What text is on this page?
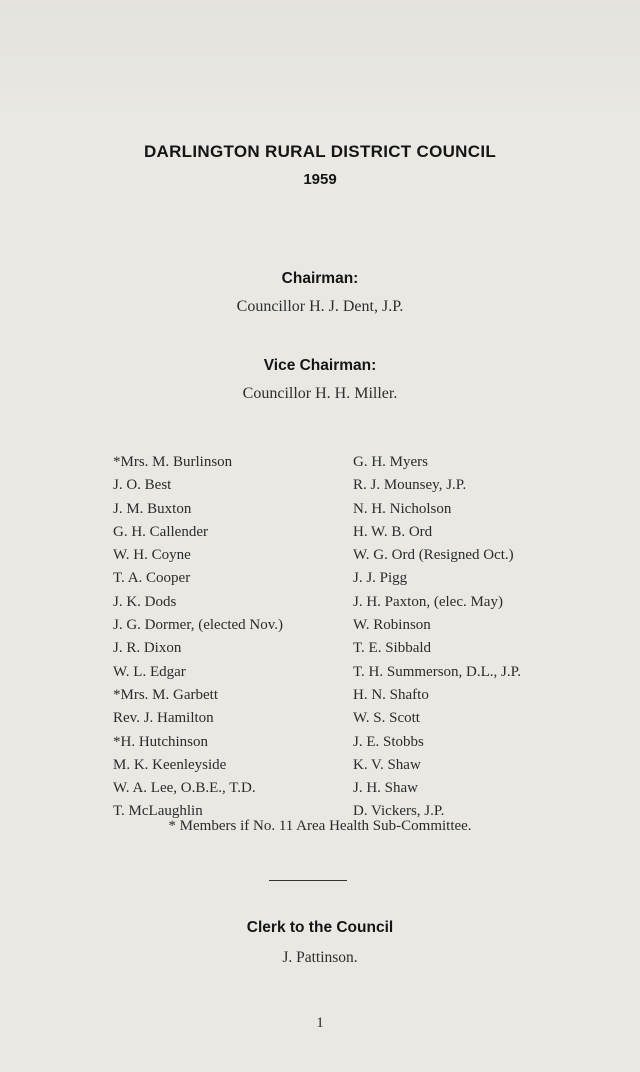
DARLINGTON RURAL DISTRICT COUNCIL
1959
Chairman:
Councillor H. J. Dent, J.P.
Vice Chairman:
Councillor H. H. Miller.
*Mrs. M. Burlinson
J. O. Best
J. M. Buxton
G. H. Callender
W. H. Coyne
T. A. Cooper
J. K. Dods
J. G. Dormer, (elected Nov.)
J. R. Dixon
W. L. Edgar
*Mrs. M. Garbett
Rev. J. Hamilton
*H. Hutchinson
M. K. Keenleyside
W. A. Lee, O.B.E., T.D.
T. McLaughlin
G. H. Myers
R. J. Mounsey, J.P.
N. H. Nicholson
H. W. B. Ord
W. G. Ord (Resigned Oct.)
J. J. Pigg
J. H. Paxton, (elec. May)
W. Robinson
T. E. Sibbald
T. H. Summerson, D.L., J.P.
H. N. Shafto
W. S. Scott
J. E. Stobbs
K. V. Shaw
J. H. Shaw
D. Vickers, J.P.
* Members if No. 11 Area Health Sub-Committee.
Clerk to the Council
J. Pattinson.
1
